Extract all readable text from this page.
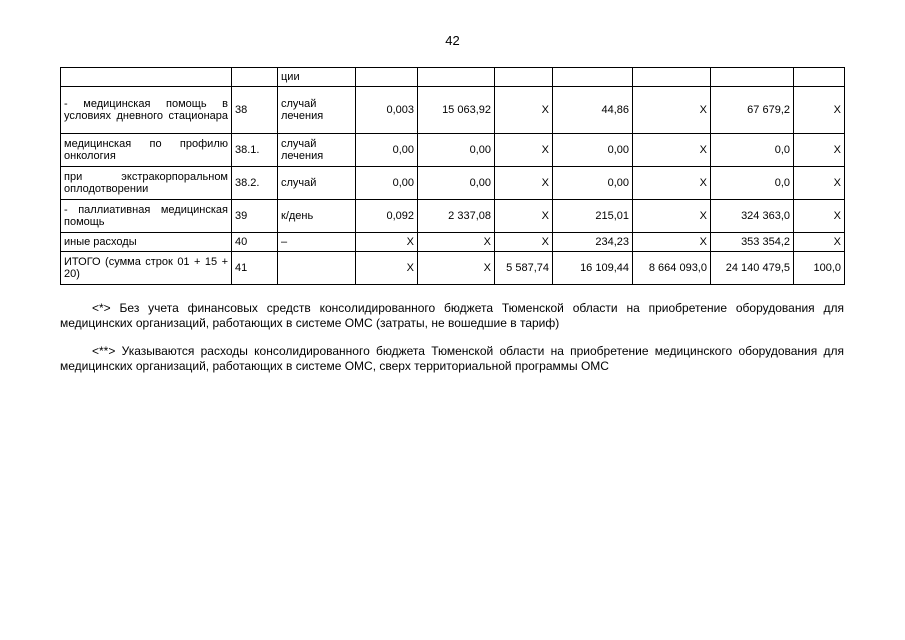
42
		ции							
- медицинская помощь в условиях дневного стационара	38	случай лечения	0,003	15 063,92	Х	44,86	Х	67 679,2	Х
медицинская по профилю онкология	38.1.	случай лечения	0,00	0,00	Х	0,00	Х	0,0	Х
при экстракорпоральном оплодотворении	38.2.	случай	0,00	0,00	Х	0,00	Х	0,0	Х
- паллиативная медицинская помощь	39	к/день	0,092	2 337,08	Х	215,01	Х	324 363,0	Х
иные расходы	40	–	Х	Х	Х	234,23	Х	353 354,2	Х
ИТОГО (сумма строк 01 + 15 + 20)	41		Х	Х	5 587,74	16 109,44	8 664 093,0	24 140 479,5	100,0

<*> Без учета финансовых средств консолидированного бюджета Тюменской области на приобретение оборудования для медицинских организаций, работающих в системе ОМС (затраты, не вошедшие в тариф)

<**> Указываются расходы консолидированного бюджета Тюменской области на приобретение медицинского оборудования для медицинских организаций, работающих в системе ОМС, сверх территориальной программы ОМС
